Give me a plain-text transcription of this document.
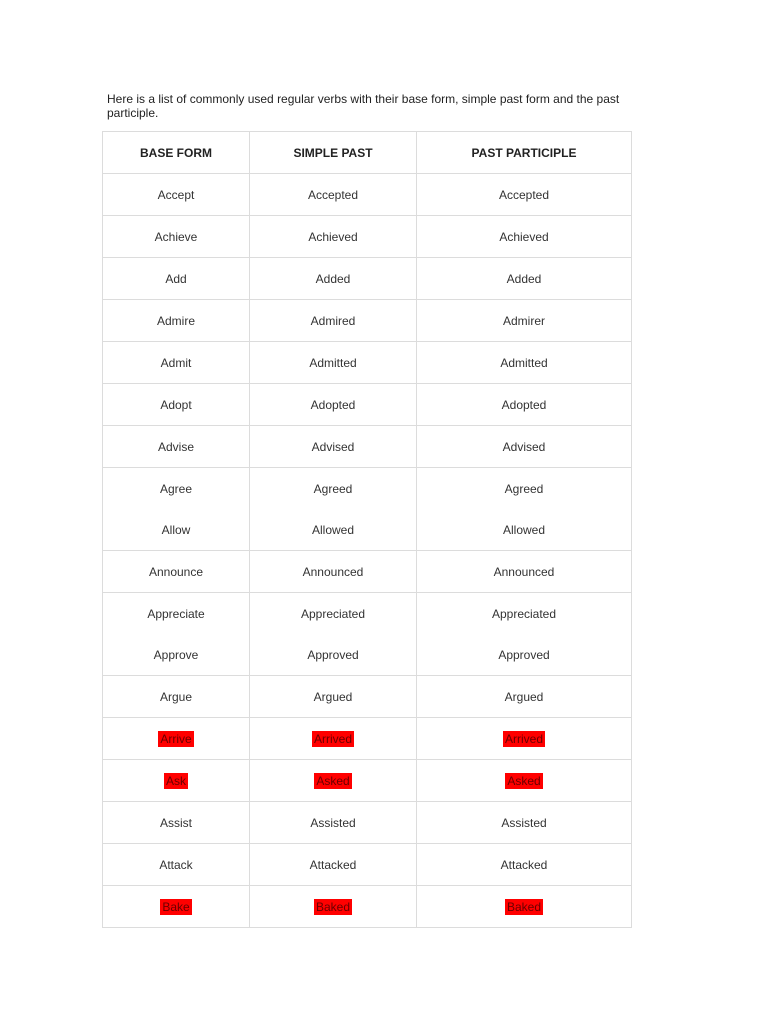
Here is a list of commonly used regular verbs with their base form, simple past form and the past participle.
BASE FORM	SIMPLE PAST	PAST PARTICIPLE
Accept	Accepted	Accepted
Achieve	Achieved	Achieved
Add	Added	Added
Admire	Admired	Admirer
Admit	Admitted	Admitted
Adopt	Adopted	Adopted
Advise	Advised	Advised
Agree	Agreed	Agreed
Allow	Allowed	Allowed
Announce	Announced	Announced
Appreciate	Appreciated	Appreciated
Approve	Approved	Approved
Argue	Argued	Argued
Arrive	Arrived	Arrived
Ask	Asked	Asked
Assist	Assisted	Assisted
Attack	Attacked	Attacked
Bake	Baked	Baked
